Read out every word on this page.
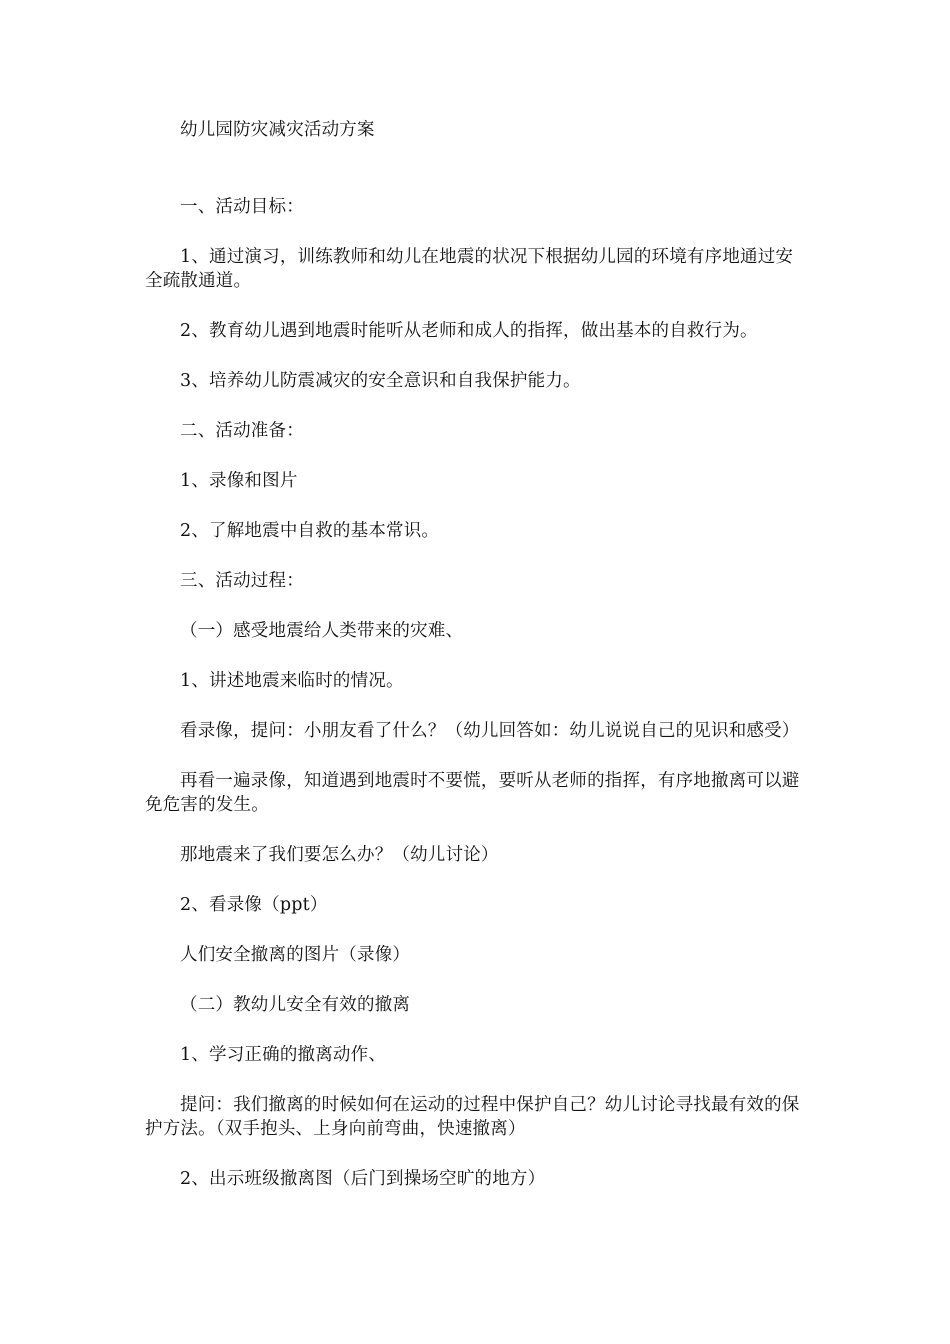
幼儿园防灾减灾活动方案

一、活动目标：

1、通过演习，训练教师和幼儿在地震的状况下根据幼儿园的环境有序地通过安全疏散通道。

2、教育幼儿遇到地震时能听从老师和成人的指挥，做出基本的自救行为。

3、培养幼儿防震减灾的安全意识和自我保护能力。

二、活动准备：

1、录像和图片

2、了解地震中自救的基本常识。

三、活动过程：

（一）感受地震给人类带来的灾难、

1、讲述地震来临时的情况。

看录像，提问：小朋友看了什么？（幼儿回答如：幼儿说说自己的见识和感受）

再看一遍录像，知道遇到地震时不要慌，要听从老师的指挥，有序地撤离可以避免危害的发生。

那地震来了我们要怎么办？（幼儿讨论）

2、看录像（ppt）

人们安全撤离的图片（录像）

（二）教幼儿安全有效的撤离

1、学习正确的撤离动作、

提问：我们撤离的时候如何在运动的过程中保护自己？幼儿讨论寻找最有效的保护方法。（双手抱头、上身向前弯曲，快速撤离）

2、出示班级撤离图（后门到操场空旷的地方）
